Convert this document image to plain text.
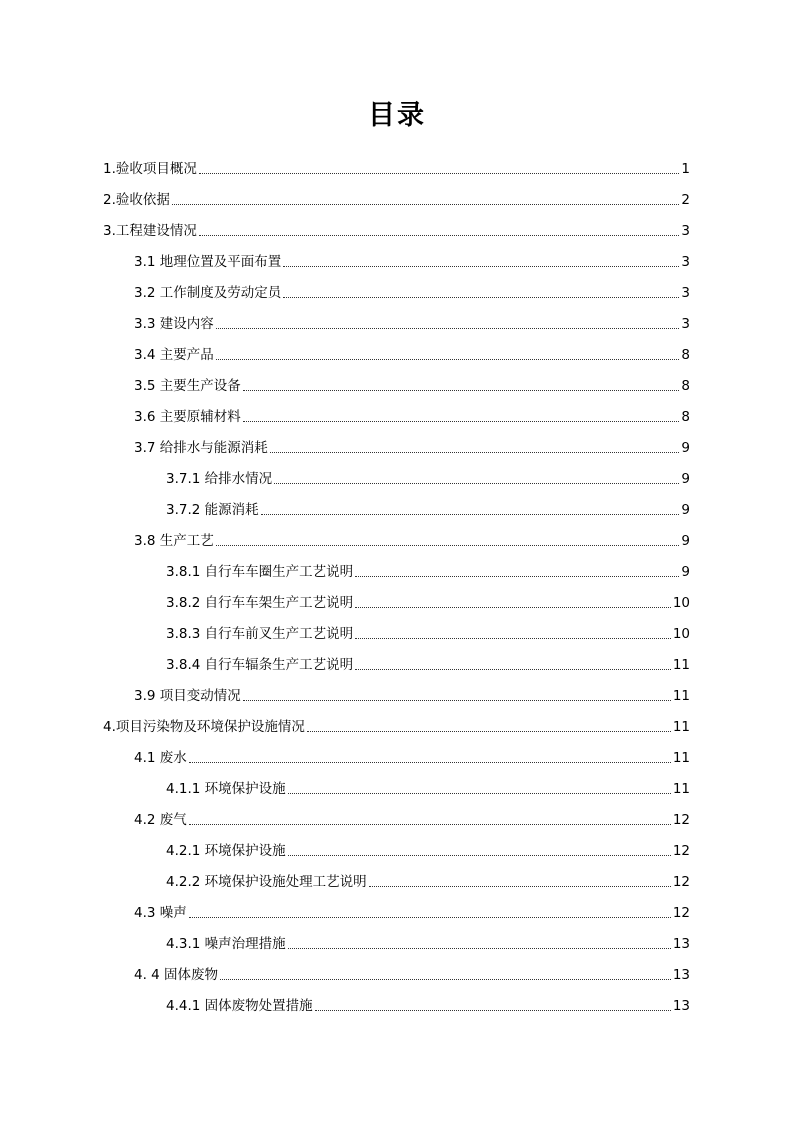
目录
1.验收项目概况	1
2.验收依据	2
3.工程建设情况	3
3.1 地理位置及平面布置	3
3.2 工作制度及劳动定员	3
3.3 建设内容	3
3.4 主要产品	8
3.5 主要生产设备	8
3.6 主要原辅材料	8
3.7 给排水与能源消耗	9
3.7.1 给排水情况	9
3.7.2 能源消耗	9
3.8 生产工艺	9
3.8.1 自行车车圈生产工艺说明	9
3.8.2 自行车车架生产工艺说明	10
3.8.3 自行车前叉生产工艺说明	10
3.8.4 自行车辐条生产工艺说明	11
3.9 项目变动情况	11
4.项目污染物及环境保护设施情况	11
4.1 废水	11
4.1.1 环境保护设施	11
4.2 废气	12
4.2.1 环境保护设施	12
4.2.2 环境保护设施处理工艺说明	12
4.3 噪声	12
4.3.1 噪声治理措施	13
4. 4 固体废物	13
4.4.1 固体废物处置措施	13
